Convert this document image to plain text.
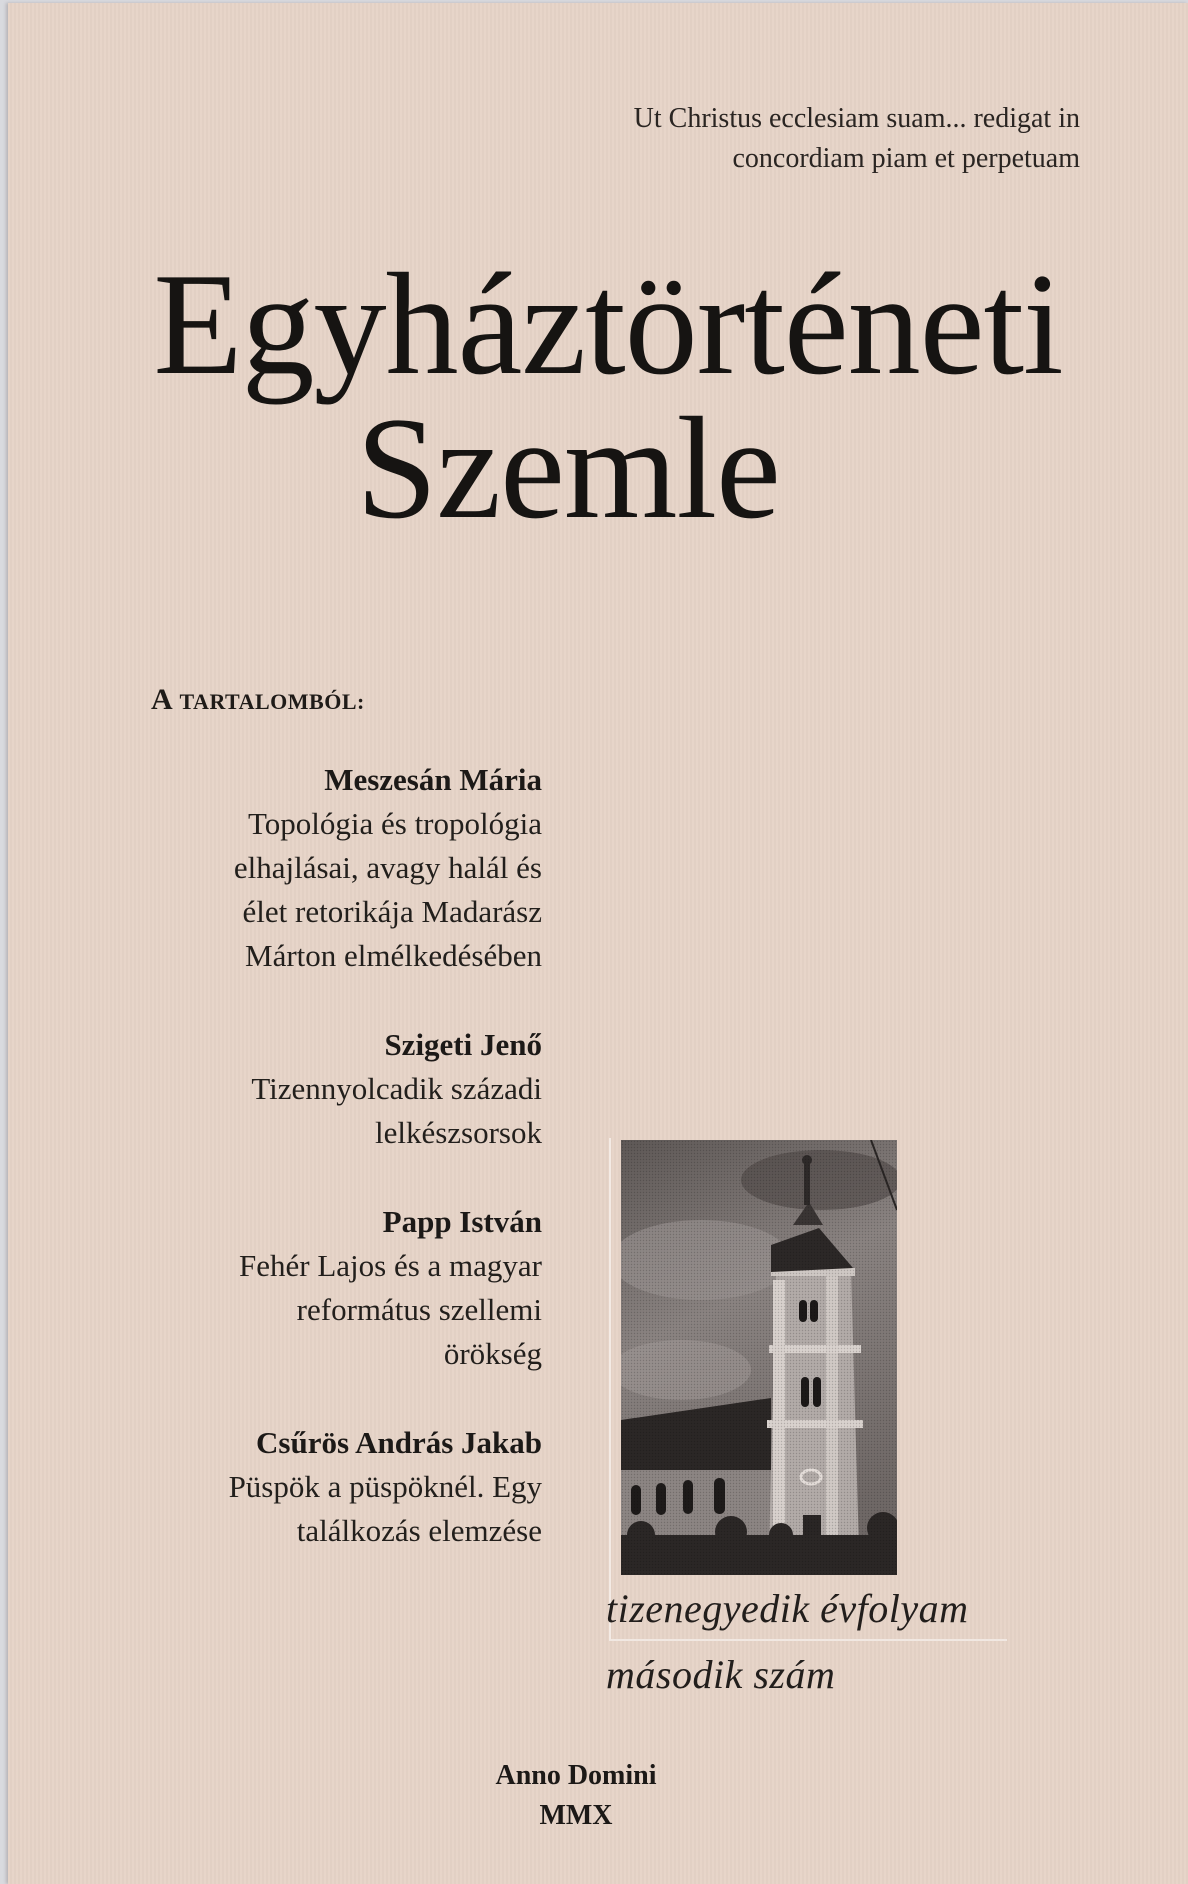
Ut Christus ecclesiam suam... redigat in
concordiam piam et perpetuam
Egyháztörténeti
Szemle
A TARTALOMBÓL:
Meszesán Mária
Topológia és tropológia
elhajlásai, avagy halál és
élet retorikája Madarász
Márton elmélkedésében
Szigeti Jenő
Tizennyolcadik századi
lelkészsorsok
Papp István
Fehér Lajos és a magyar
református szellemi
örökség
Csűrös András Jakab
Püspök a püspöknél. Egy
találkozás elemzése
tizenegyedik évfolyam
második szám
Anno Domini
MMX
